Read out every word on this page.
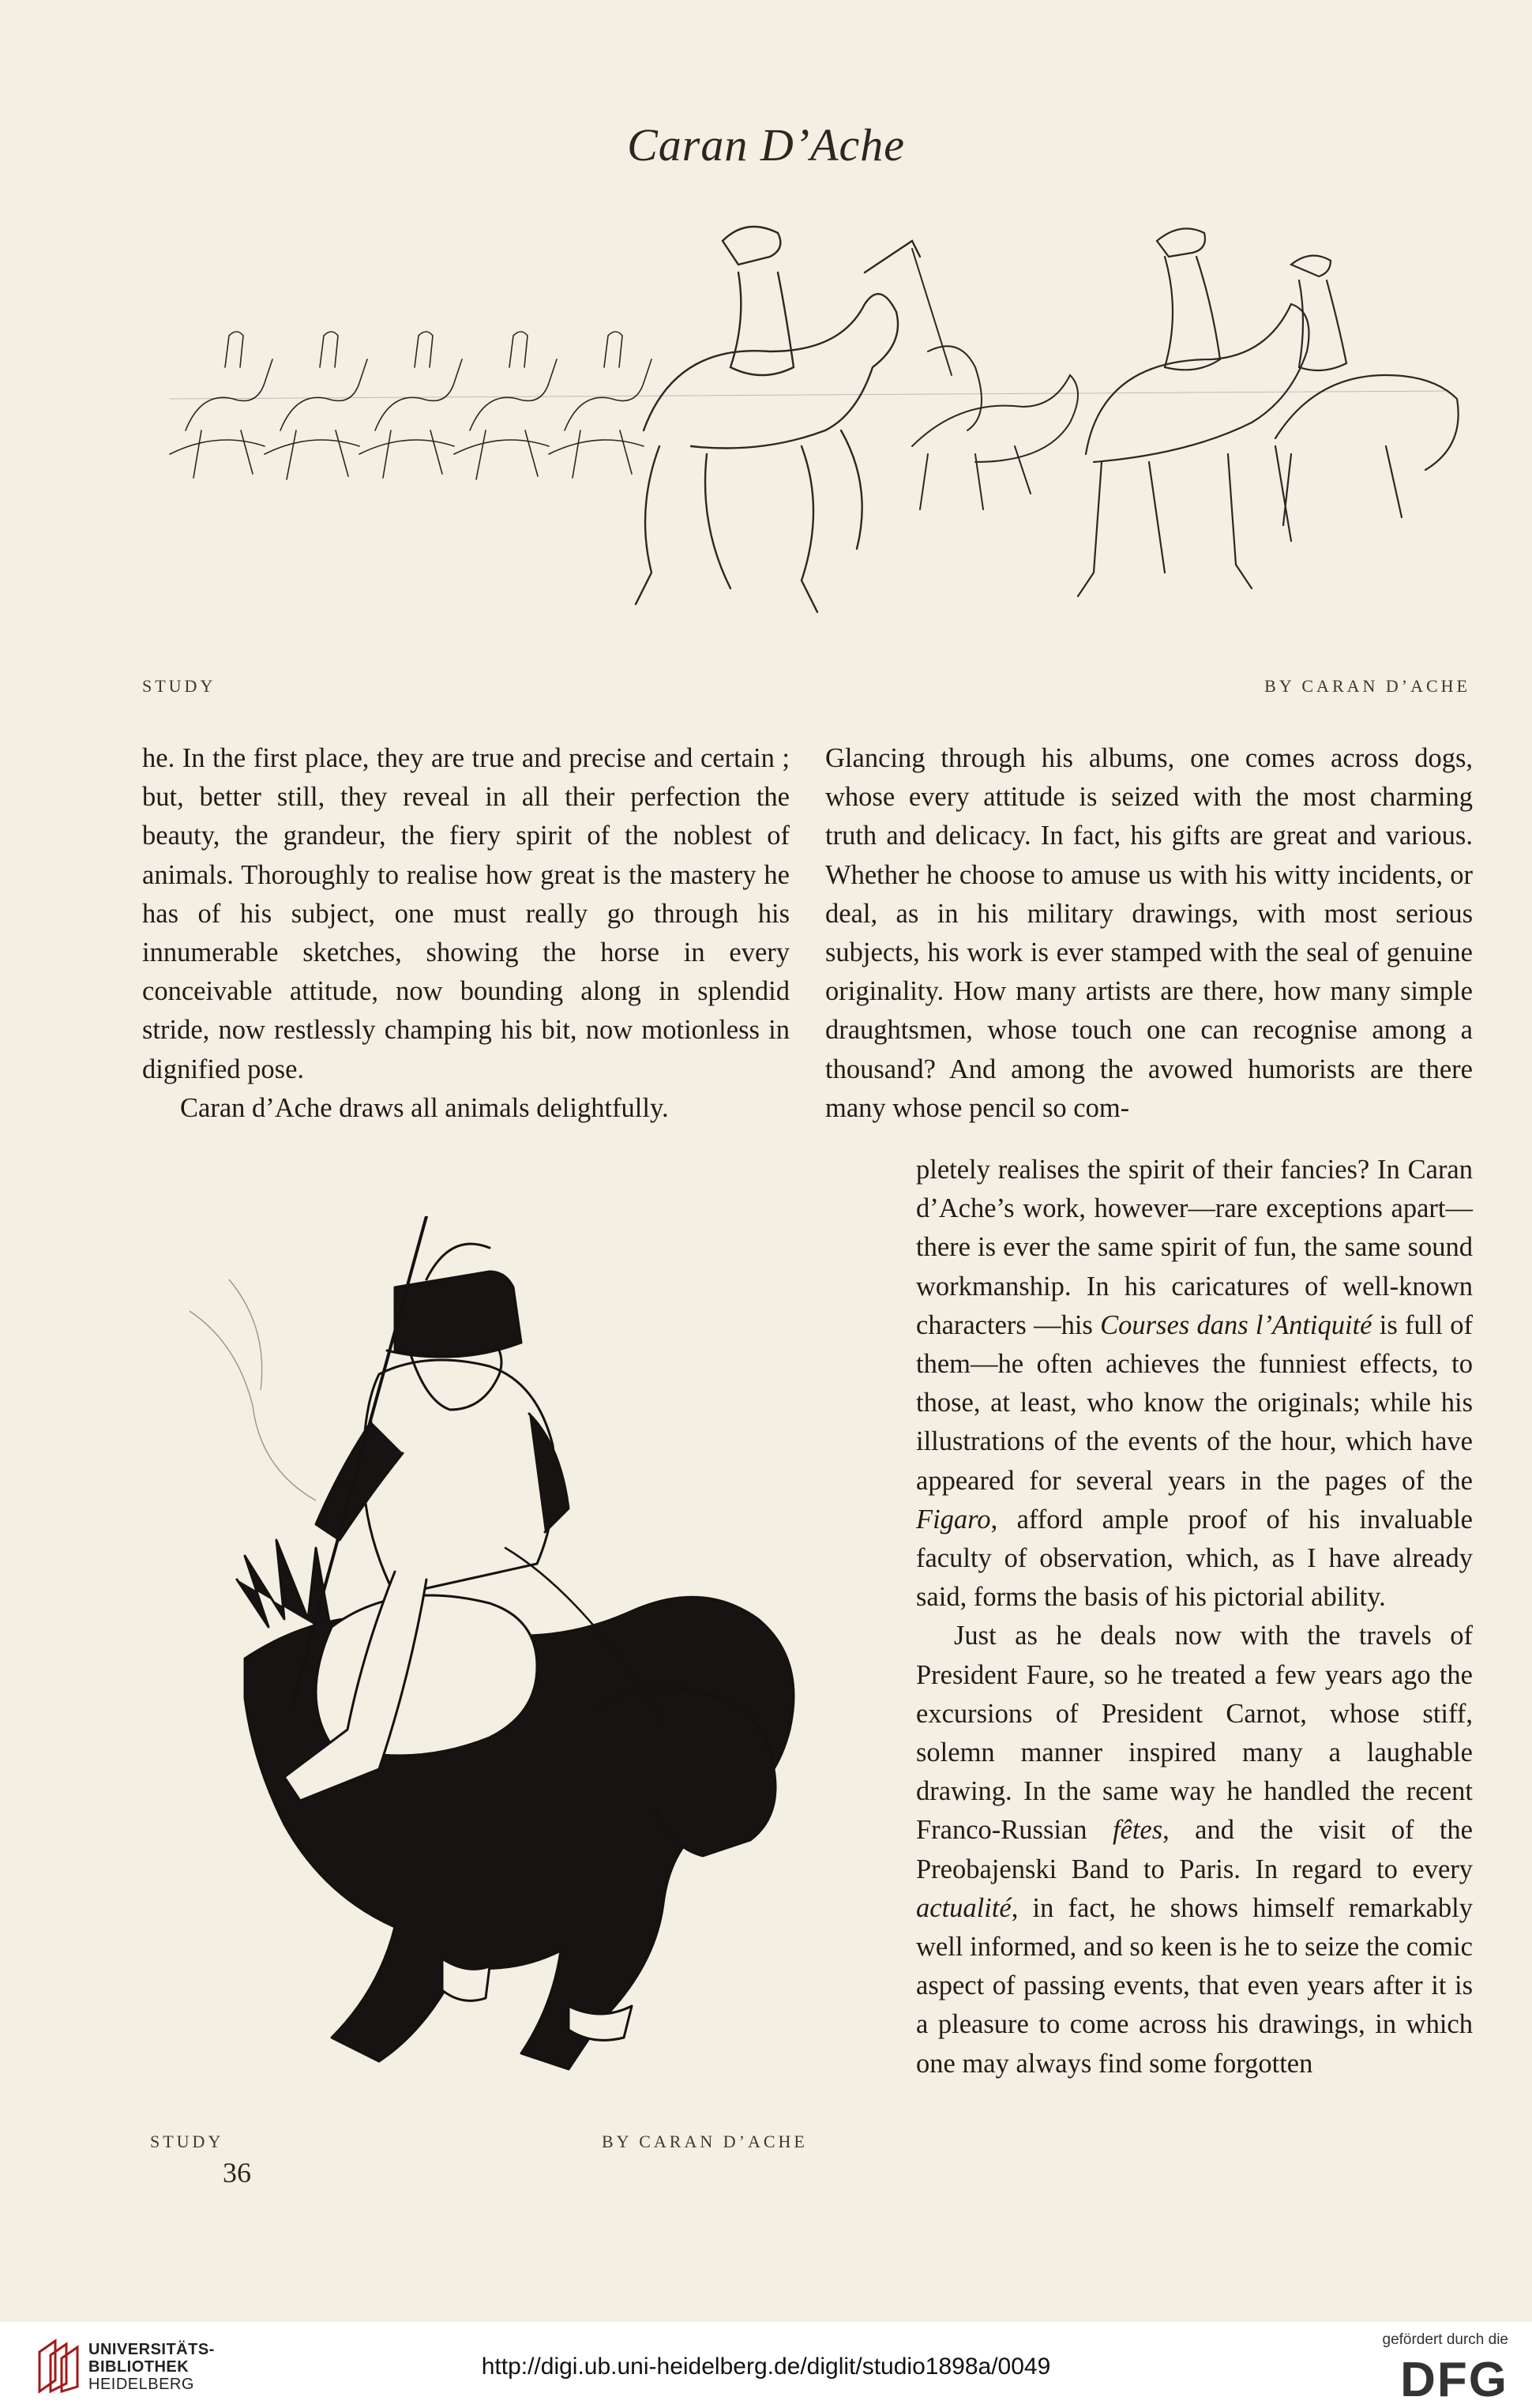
Caran D’Ache
STUDY	BY CARAN D’ACHE

he. In the first place, they are true and precise and certain ; but, better still, they reveal in all their perfection the beauty, the grandeur, the fiery spirit of the noblest of animals. Thoroughly to realise how great is the mastery he has of his subject, one must really go through his innumerable sketches, showing the horse in every conceivable attitude, now bounding along in splendid stride, now restlessly champing his bit, now motionless in dignified pose.

Caran d’Ache draws all animals delightfully.

Glancing through his albums, one comes across dogs, whose every attitude is seized with the most charming truth and delicacy. In fact, his gifts are great and various. Whether he choose to amuse us with his witty incidents, or deal, as in his military drawings, with most serious subjects, his work is ever stamped with the seal of genuine originality. How many artists are there, how many simple draughtsmen, whose touch one can recognise among a thousand? And among the avowed humorists are there many whose pencil so com-

pletely realises the spirit of their fancies? In Caran d’Ache’s work, however—rare exceptions apart—there is ever the same spirit of fun, the same sound workmanship. In his caricatures of well-known characters —his Courses dans l’Antiquité is full of them—he often achieves the funniest effects, to those, at least, who know the originals; while his illustrations of the events of the hour, which have appeared for several years in the pages of the Figaro, afford ample proof of his invaluable faculty of observation, which, as I have already said, forms the basis of his pictorial ability.

Just as he deals now with the travels of President Faure, so he treated a few years ago the excursions of President Carnot, whose stiff, solemn manner inspired many a laughable drawing. In the same way he handled the recent Franco-Russian fêtes, and the visit of the Preobajenski Band to Paris. In regard to every actualité, in fact, he shows himself remarkably well informed, and so keen is he to seize the comic aspect of passing events, that even years after it is a pleasure to come across his drawings, in which one may always find some forgotten

STUDY	BY CARAN D’ACHE
36
UNIVERSITÄTS-
BIBLIOTHEK
HEIDELBERG
http://digi.ub.uni-heidelberg.de/diglit/studio1898a/0049
gefördert durch die
DFG
